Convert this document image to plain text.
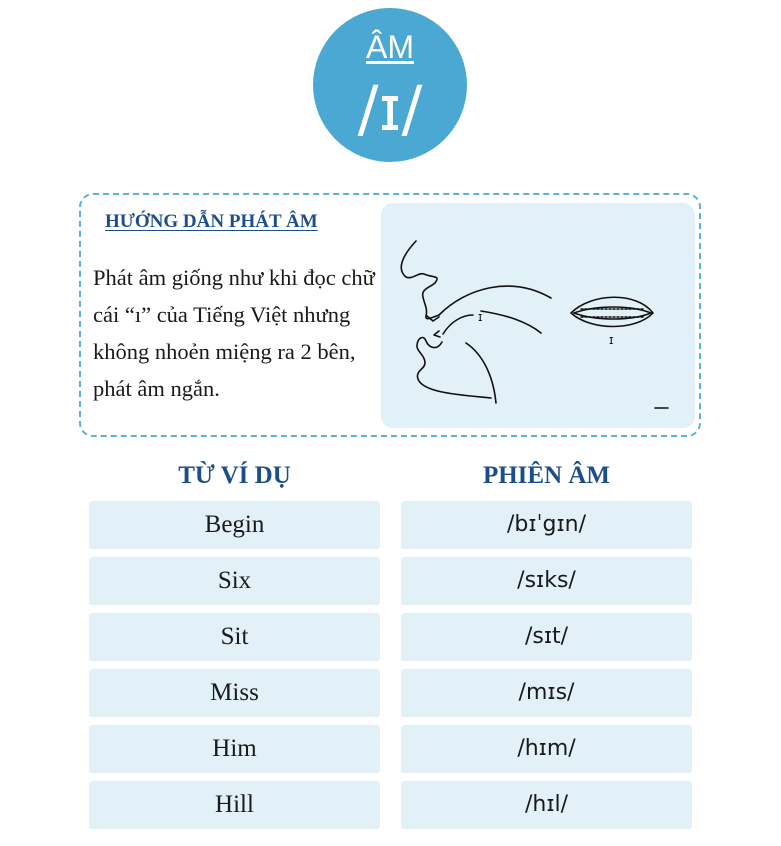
ÂM
/ɪ/
HƯỚNG DẪN PHÁT ÂM
Phát âm giống như khi đọc chữ cái “ı” của Tiếng Việt nhưng không nhoẻn miệng ra 2 bên, phát âm ngắn.
ɪ
ɪ
TỪ VÍ DỤ	PHIÊN ÂM
Begin	/bɪˈgɪn/
Six	/sɪks/
Sit	/sɪt/
Miss	/mɪs/
Him	/hɪm/
Hill	/hɪl/
